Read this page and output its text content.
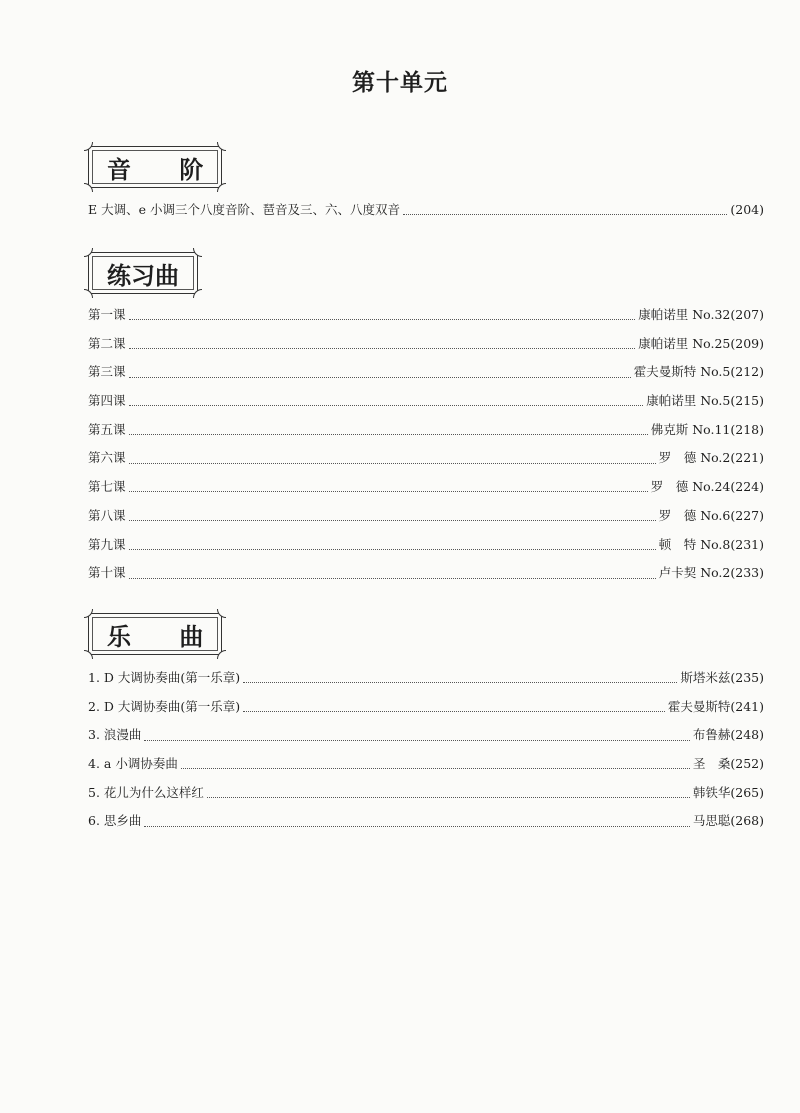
第十单元
音 阶
E 大调、e 小调三个八度音阶、琶音及三、六、八度双音	(204)
练习曲
第一课	康帕诺里 No.32 (207)
第二课	康帕诺里 No.25 (209)
第三课	霍夫曼斯特 No.5 (212)
第四课	康帕诺里 No.5 (215)
第五课	佛克斯 No.11 (218)
第六课	罗　德 No.2 (221)
第七课	罗　德 No.24 (224)
第八课	罗　德 No.6 (227)
第九课	顿　特 No.8 (231)
第十课	卢卡契 No.2 (233)
乐 曲
1. D 大调协奏曲(第一乐章)	斯塔米兹 (235)
2. D 大调协奏曲(第一乐章)	霍夫曼斯特 (241)
3. 浪漫曲	布鲁赫 (248)
4. a 小调协奏曲	圣　桑 (252)
5. 花儿为什么这样红	韩铁华 (265)
6. 思乡曲	马思聪 (268)
